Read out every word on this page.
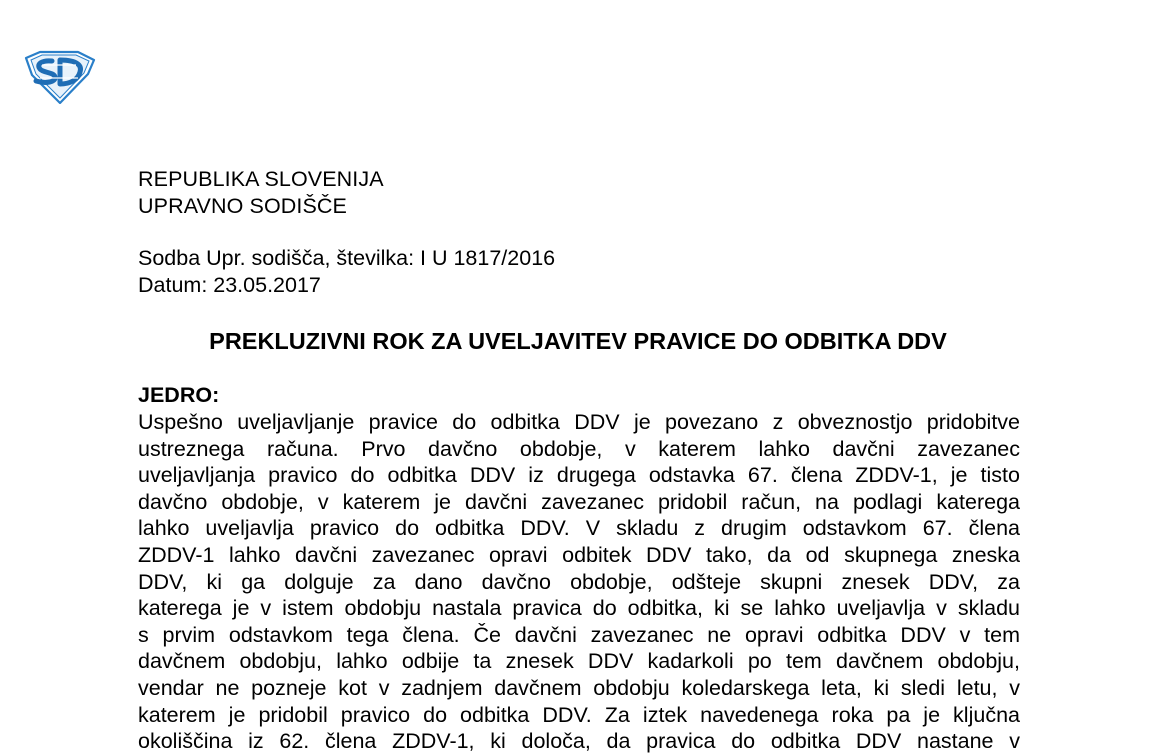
REPUBLIKA SLOVENIJA
UPRAVNO SODIŠČE
Sodba Upr. sodišča, številka: I U 1817/2016
Datum: 23.05.2017
PREKLUZIVNI ROK ZA UVELJAVITEV PRAVICE DO ODBITKA DDV
JEDRO:
Uspešno uveljavljanje pravice do odbitka DDV je povezano z obveznostjo pridobitve
ustreznega računa. Prvo davčno obdobje, v katerem lahko davčni zavezanec
uveljavljanja pravico do odbitka DDV iz drugega odstavka 67. člena ZDDV-1, je tisto
davčno obdobje, v katerem je davčni zavezanec pridobil račun, na podlagi katerega
lahko uveljavlja pravico do odbitka DDV. V skladu z drugim odstavkom 67. člena
ZDDV-1 lahko davčni zavezanec opravi odbitek DDV tako, da od skupnega zneska
DDV, ki ga dolguje za dano davčno obdobje, odšteje skupni znesek DDV, za
katerega je v istem obdobju nastala pravica do odbitka, ki se lahko uveljavlja v skladu
s prvim odstavkom tega člena. Če davčni zavezanec ne opravi odbitka DDV v tem
davčnem obdobju, lahko odbije ta znesek DDV kadarkoli po tem davčnem obdobju,
vendar ne pozneje kot v zadnjem davčnem obdobju koledarskega leta, ki sledi letu, v
katerem je pridobil pravico do odbitka DDV. Za iztek navedenega roka pa je ključna
okoliščina iz 62. člena ZDDV-1, ki določa, da pravica do odbitka DDV nastane v
